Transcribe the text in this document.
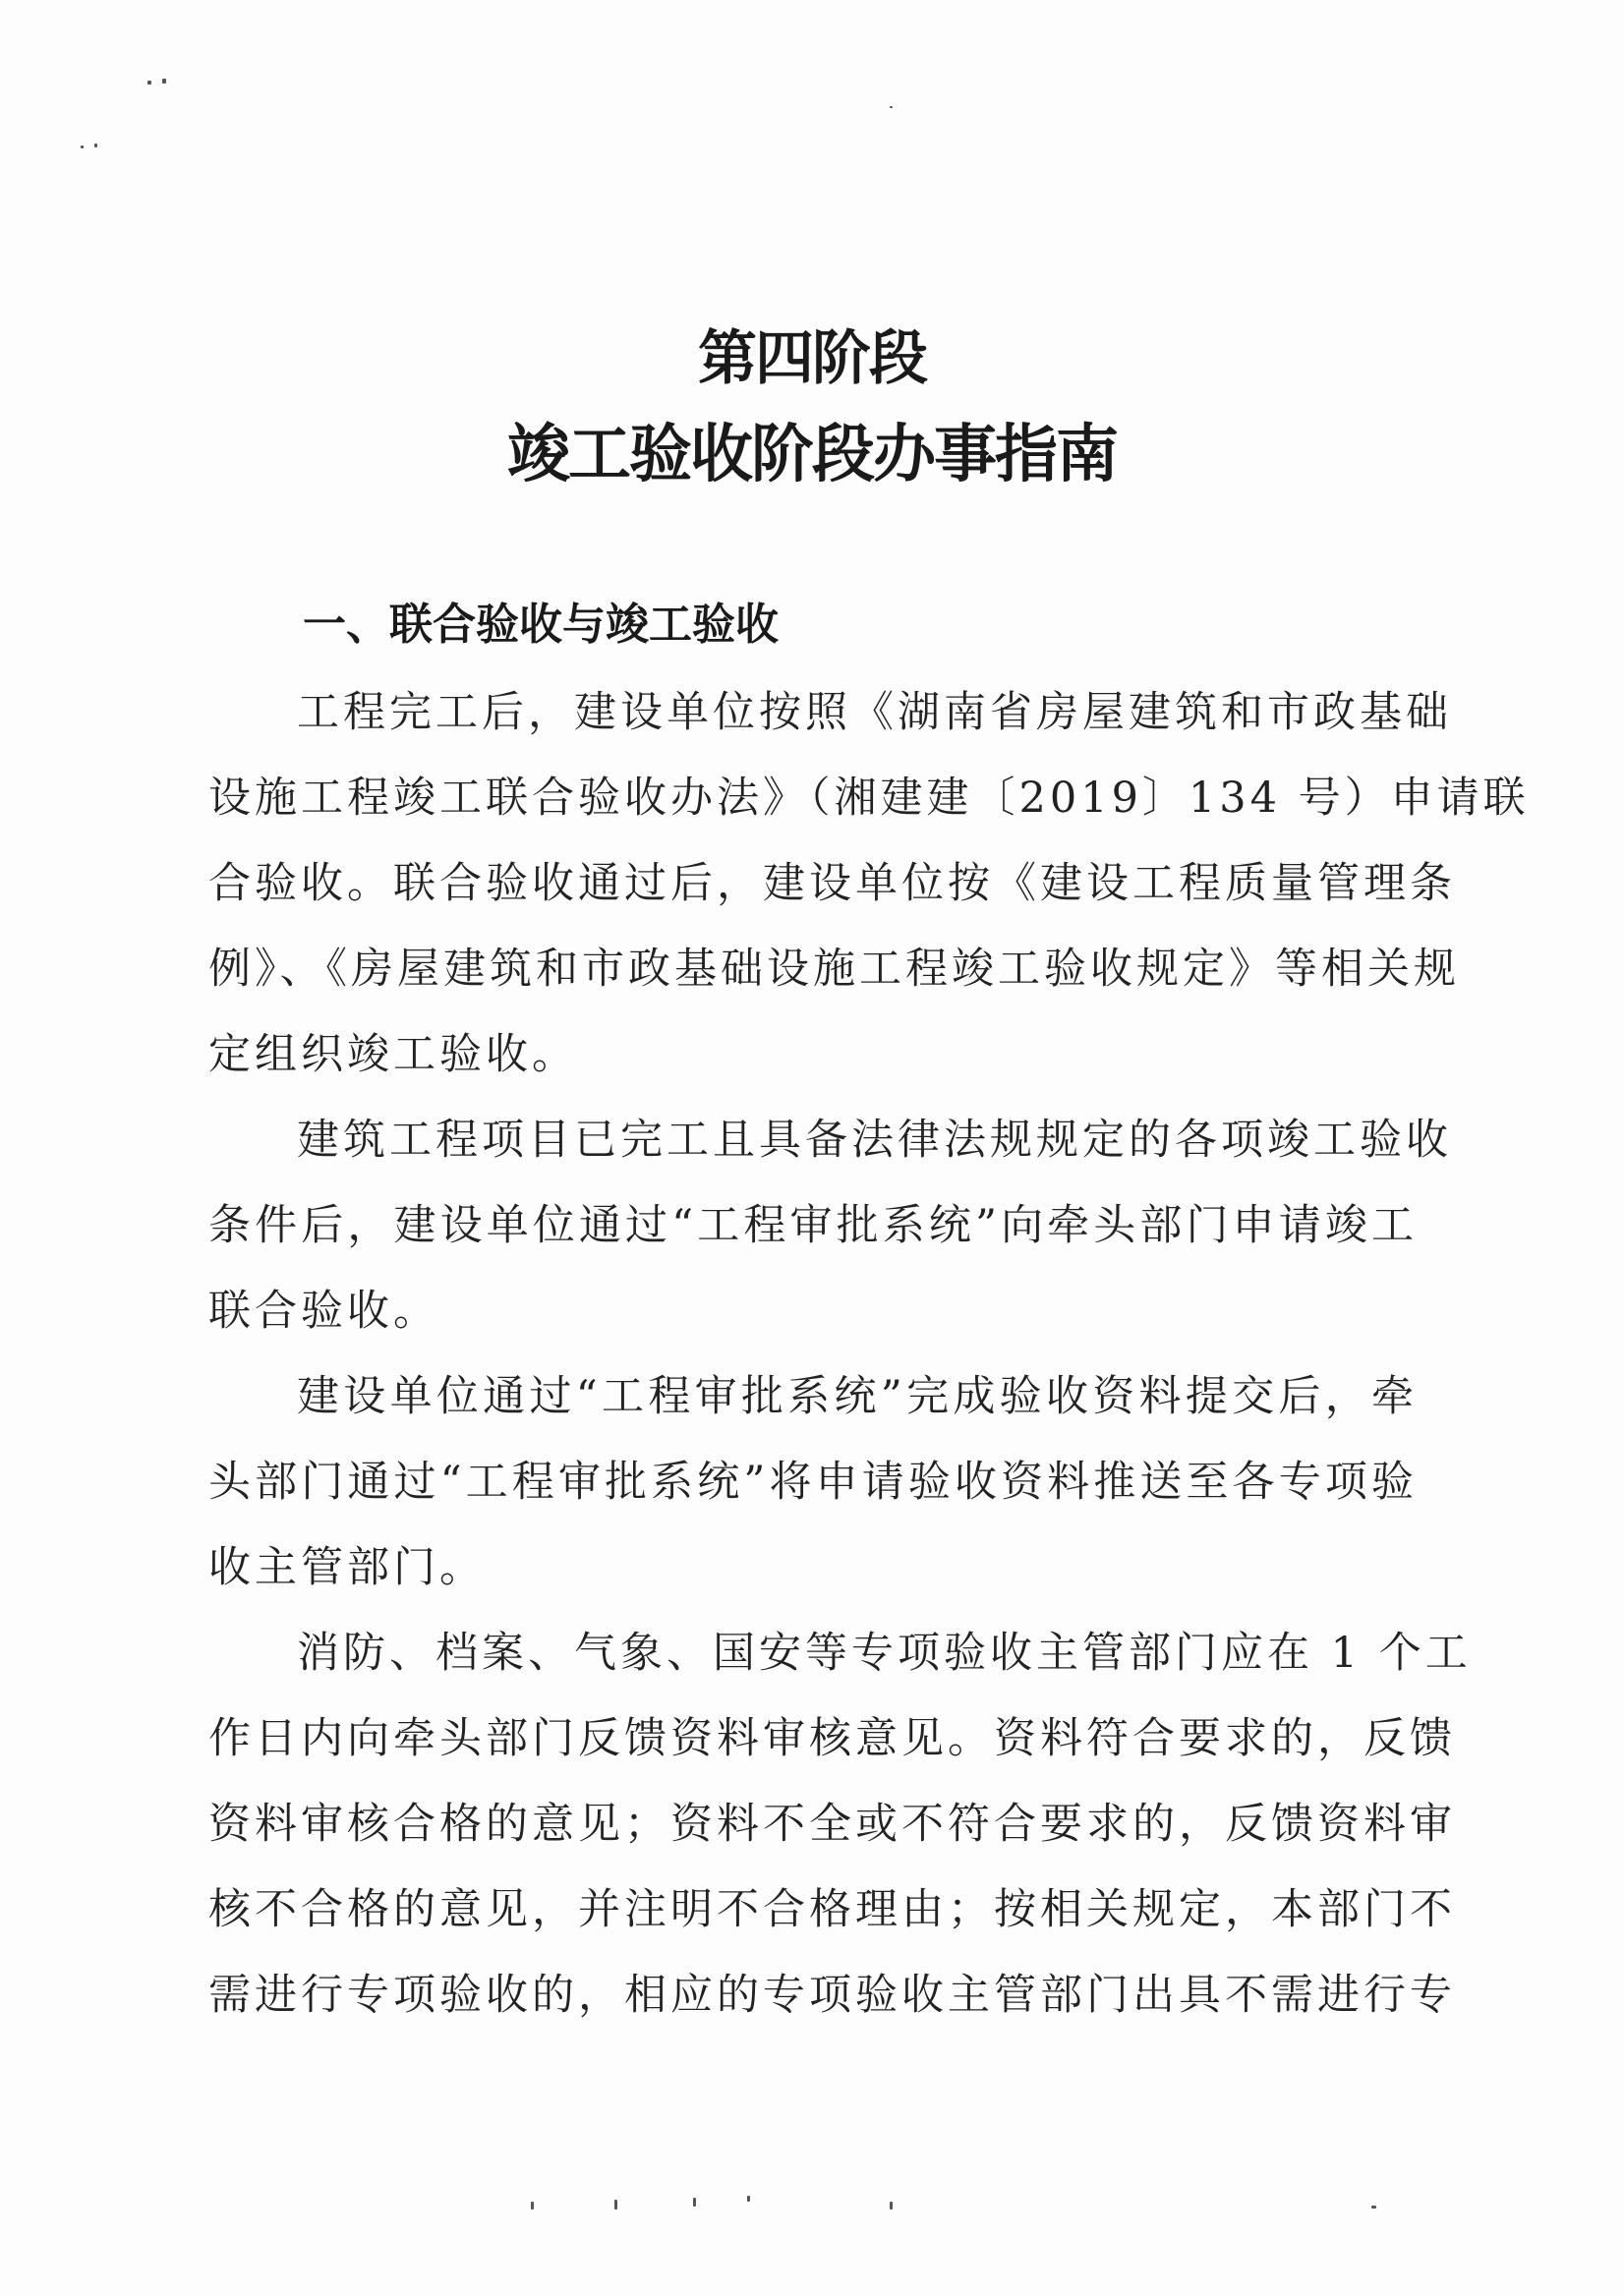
第四阶段
竣工验收阶段办事指南
一、联合验收与竣工验收
工程完工后，建设单位按照《湖南省房屋建筑和市政基础
设施工程竣工联合验收办法》（湘建建〔2019〕134 号）申请联
合验收。联合验收通过后，建设单位按《建设工程质量管理条
例》、《房屋建筑和市政基础设施工程竣工验收规定》等相关规
定组织竣工验收。
建筑工程项目已完工且具备法律法规规定的各项竣工验收
条件后，建设单位通过“工程审批系统”向牵头部门申请竣工
联合验收。
建设单位通过“工程审批系统”完成验收资料提交后，牵
头部门通过“工程审批系统”将申请验收资料推送至各专项验
收主管部门。
消防、档案、气象、国安等专项验收主管部门应在 1 个工
作日内向牵头部门反馈资料审核意见。资料符合要求的，反馈
资料审核合格的意见；资料不全或不符合要求的，反馈资料审
核不合格的意见，并注明不合格理由；按相关规定，本部门不
需进行专项验收的，相应的专项验收主管部门出具不需进行专
